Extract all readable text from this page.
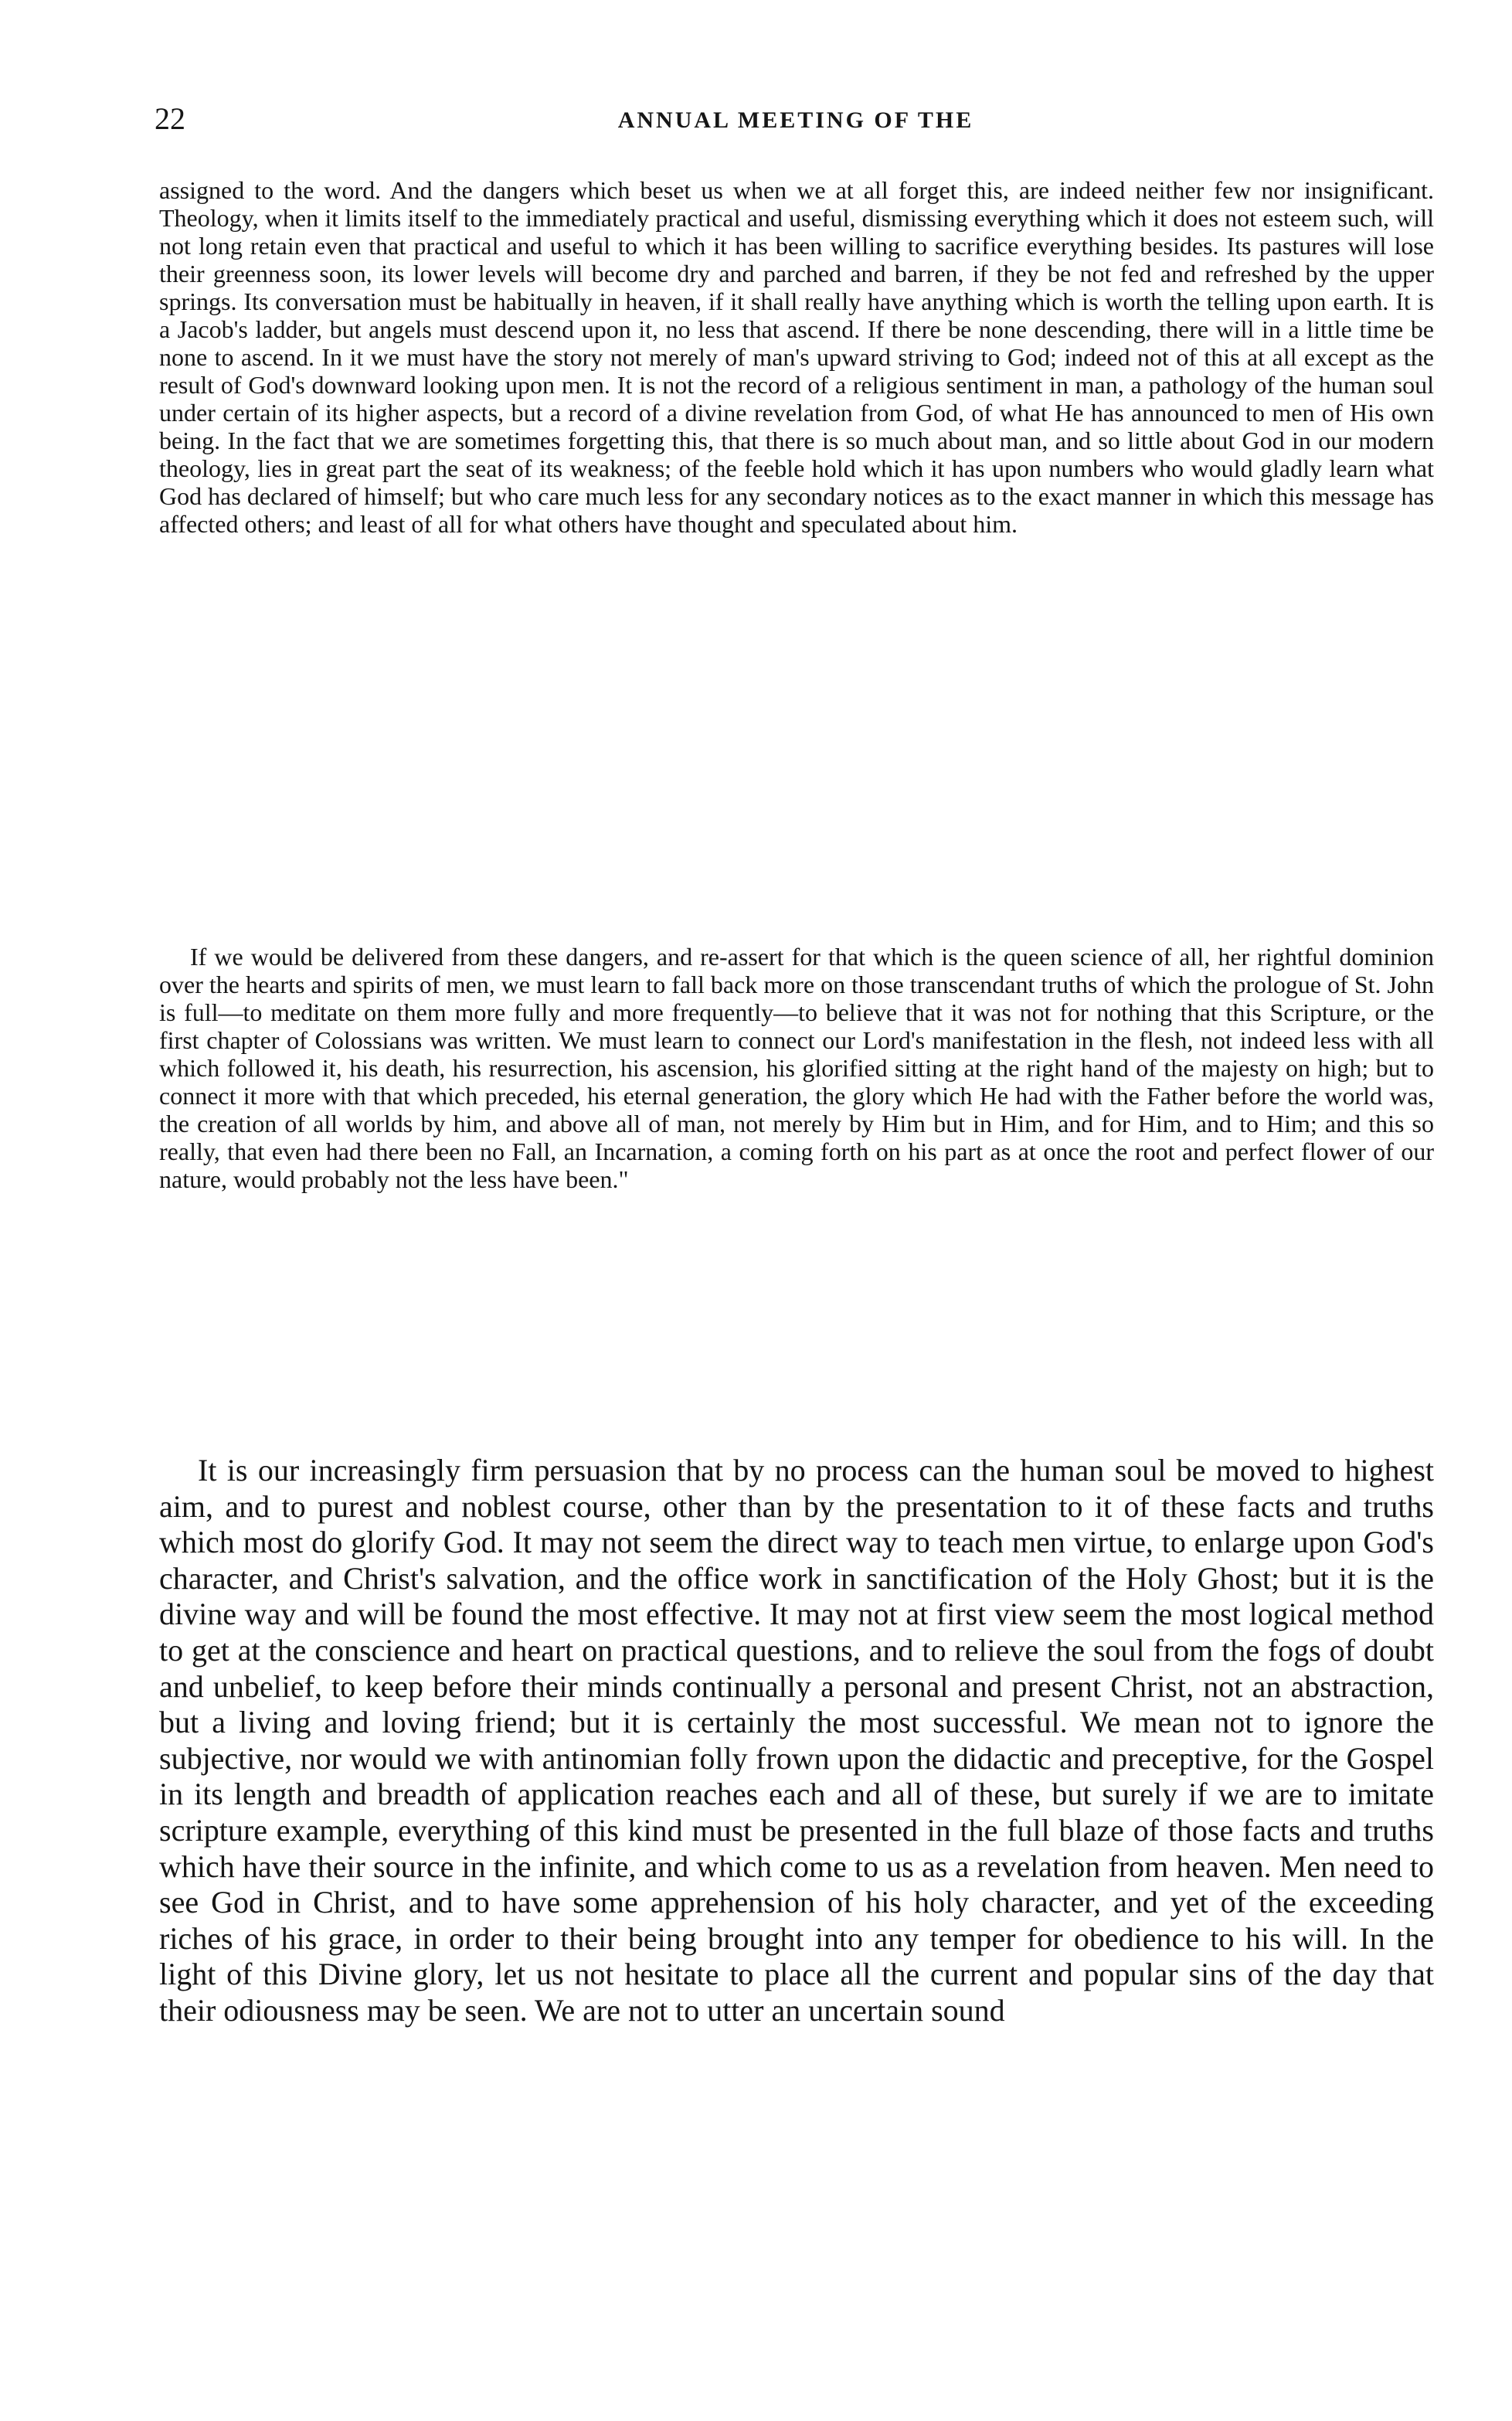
22	ANNUAL MEETING OF THE

assigned to the word. And the dangers which beset us when we at all forget this, are indeed neither few nor insignificant. Theology, when it limits itself to the immediately practical and useful, dismissing everything which it does not esteem such, will not long retain even that practical and useful to which it has been willing to sacrifice everything besides. Its pastures will lose their greenness soon, its lower levels will become dry and parched and barren, if they be not fed and refreshed by the upper springs. Its conversation must be habitually in heaven, if it shall really have anything which is worth the telling upon earth. It is a Jacob's ladder, but angels must descend upon it, no less that ascend. If there be none descending, there will in a little time be none to ascend. In it we must have the story not merely of man's upward striving to God; indeed not of this at all except as the result of God's downward looking upon men. It is not the record of a religious sentiment in man, a pathology of the human soul under certain of its higher aspects, but a record of a divine revelation from God, of what He has announced to men of His own being. In the fact that we are sometimes forgetting this, that there is so much about man, and so little about God in our modern theology, lies in great part the seat of its weakness; of the feeble hold which it has upon numbers who would gladly learn what God has declared of himself; but who care much less for any secondary notices as to the exact manner in which this message has affected others; and least of all for what others have thought and speculated about him.

If we would be delivered from these dangers, and re-assert for that which is the queen science of all, her rightful dominion over the hearts and spirits of men, we must learn to fall back more on those transcendant truths of which the prologue of St. John is full—to meditate on them more fully and more frequently—to believe that it was not for nothing that this Scripture, or the first chapter of Colossians was written. We must learn to connect our Lord's manifestation in the flesh, not indeed less with all which followed it, his death, his resurrection, his ascension, his glorified sitting at the right hand of the majesty on high; but to connect it more with that which preceded, his eternal generation, the glory which He had with the Father before the world was, the creation of all worlds by him, and above all of man, not merely by Him but in Him, and for Him, and to Him; and this so really, that even had there been no Fall, an Incarnation, a coming forth on his part as at once the root and perfect flower of our nature, would probably not the less have been."

It is our increasingly firm persuasion that by no process can the human soul be moved to highest aim, and to purest and noblest course, other than by the presentation to it of these facts and truths which most do glorify God. It may not seem the direct way to teach men virtue, to enlarge upon God's character, and Christ's salvation, and the office work in sanctification of the Holy Ghost; but it is the divine way and will be found the most effective. It may not at first view seem the most logical method to get at the conscience and heart on practical questions, and to relieve the soul from the fogs of doubt and unbelief, to keep before their minds continually a personal and present Christ, not an abstraction, but a living and loving friend; but it is certainly the most successful. We mean not to ignore the subjective, nor would we with antinomian folly frown upon the didactic and preceptive, for the Gospel in its length and breadth of application reaches each and all of these, but surely if we are to imitate scripture example, everything of this kind must be presented in the full blaze of those facts and truths which have their source in the infinite, and which come to us as a revelation from heaven. Men need to see God in Christ, and to have some apprehension of his holy character, and yet of the exceeding riches of his grace, in order to their being brought into any temper for obedience to his will. In the light of this Divine glory, let us not hesitate to place all the current and popular sins of the day that their odiousness may be seen. We are not to utter an uncertain sound
